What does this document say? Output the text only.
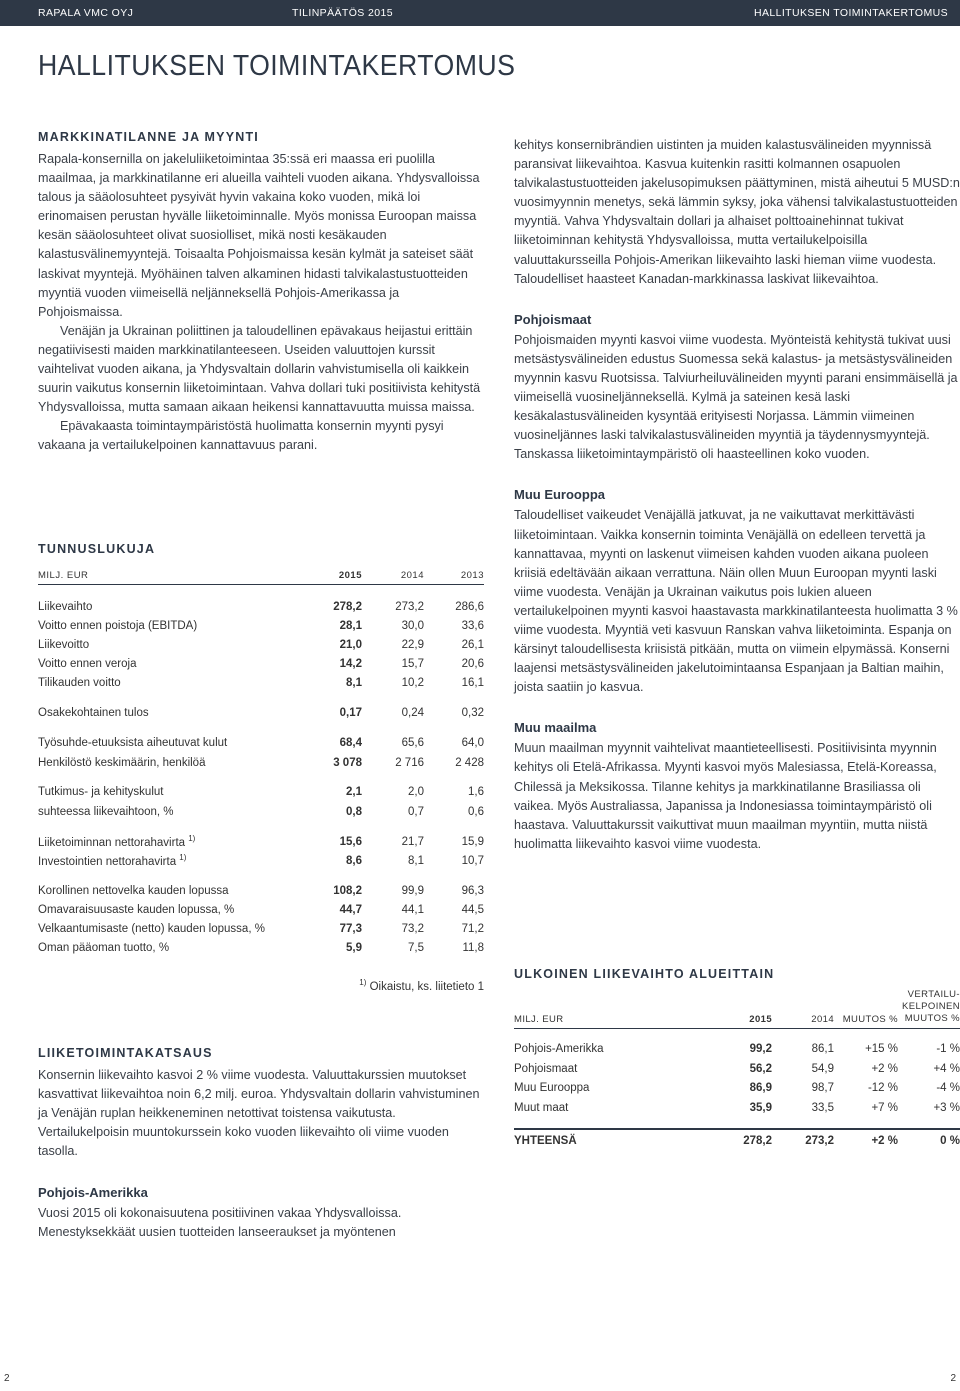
RAPALA VMC OYJ	TILINPÄÄTÖS 2015	HALLITUKSEN TOIMINTAKERTOMUS
HALLITUKSEN TOIMINTAKERTOMUS
MARKKINATILANNE JA MYYNTI

Rapala-konsernilla on jakeluliiketoimintaa 35:ssä eri maassa eri puolilla maailmaa, ja markkinatilanne eri alueilla vaihteli vuoden aikana. Yhdysvalloissa talous ja sääolosuhteet pysyivät hyvin vakaina koko vuoden, mikä loi erinomaisen perustan hyvälle liiketoiminnalle. Myös monissa Euroopan maissa kesän sääolosuhteet olivat suosiolliset, mikä nosti kesäkauden kalastusvälinemyyntejä. Toisaalta Pohjoismaissa kesän kylmät ja sateiset säät laskivat myyntejä. Myöhäinen talven alkaminen hidasti talvikalastustuotteiden myyntiä vuoden viimeisellä neljänneksellä Pohjois-Amerikassa ja Pohjoismaissa.

Venäjän ja Ukrainan poliittinen ja taloudellinen epävakaus heijastui erittäin negatiivisesti maiden markkinatilanteeseen. Useiden valuuttojen kurssit vaihtelivat vuoden aikana, ja Yhdysvaltain dollarin vahvistumisella oli kaikkein suurin vaikutus konsernin liiketoimintaan. Vahva dollari tuki positiivista kehitystä Yhdysvalloissa, mutta samaan aikaan heikensi kannattavuutta muissa maissa.

Epävakaasta toimintaympäristöstä huolimatta konsernin myynti pysyi vakaana ja vertailukelpoinen kannattavuus parani.

TUNNUSLUKUJA
MILJ. EUR	2015	2014	2013

Liikevaihto	278,2	273,2	286,6
Voitto ennen poistoja (EBITDA)	28,1	30,0	33,6
Liikevoitto	21,0	22,9	26,1
Voitto ennen veroja	14,2	15,7	20,6
Tilikauden voitto	8,1	10,2	16,1

Osakekohtainen tulos	0,17	0,24	0,32

Työsuhde-etuuksista aiheutuvat kulut	68,4	65,6	64,0
Henkilöstö keskimäärin, henkilöä	3 078	2 716	2 428

Tutkimus- ja kehityskulut	2,1	2,0	1,6
suhteessa liikevaihtoon, %	0,8	0,7	0,6

Liiketoiminnan nettorahavirta $^{1)}$	15,6	21,7	15,9
Investointien nettorahavirta $^{1)}$	8,6	8,1	10,7

Korollinen nettovelka kauden lopussa	108,2	99,9	96,3
Omavaraisuusaste kauden lopussa, %	44,7	44,1	44,5
Velkaantumisaste (netto) kauden lopussa, %	77,3	73,2	71,2
Oman pääoman tuotto, %	5,9	7,5	11,8
$^{1)}$ Oikaistu, ks. liitetieto 1
LIIKETOIMINTAKATSAUS

Konsernin liikevaihto kasvoi 2 % viime vuodesta. Valuuttakurssien muutokset kasvattivat liikevaihtoa noin 6,2 milj. euroa. Yhdysvaltain dollarin vahvistuminen ja Venäjän ruplan heikkeneminen netottivat toistensa vaikutusta. Vertailukelpoisin muuntokurssein koko vuoden liikevaihto oli viime vuoden tasolla.

Pohjois-Amerikka

Vuosi 2015 oli kokonaisuutena positiivinen vakaa Yhdysvalloissa. Menestyksekkäät uusien tuotteiden lanseeraukset ja myöntenen

kehitys konsernibrändien uistinten ja muiden kalastusvälineiden myynnissä paransivat liikevaihtoa. Kasvua kuitenkin rasitti kolmannen osapuolen talvikalastustuotteiden jakelusopimuksen päättyminen, mistä aiheutui 5 MUSD:n vuosimyynnin menetys, sekä lämmin syksy, joka vähensi talvikalastustuotteiden myyntiä. Vahva Yhdysvaltain dollari ja alhaiset polttoainehinnat tukivat liiketoiminnan kehitystä Yhdysvalloissa, mutta vertailukelpoisilla valuuttakursseilla Pohjois-Amerikan liikevaihto laski hieman viime vuodesta. Taloudelliset haasteet Kanadan-markkinassa laskivat liikevaihtoa.

Pohjoismaat

Pohjoismaiden myynti kasvoi viime vuodesta. Myönteistä kehitystä tukivat uusi metsästysvälineiden edustus Suomessa sekä kalastus- ja metsästysvälineiden myynnin kasvu Ruotsissa. Talviurheiluvälineiden myynti parani ensimmäisellä ja viimeisellä vuosineljänneksellä. Kylmä ja sateinen kesä laski kesäkalastusvälineiden kysyntää erityisesti Norjassa. Lämmin viimeinen vuosineljännes laski talvikalastusvälineiden myyntiä ja täydennysmyyntejä. Tanskassa liiketoimintaympäristö oli haasteellinen koko vuoden.

Muu Eurooppa

Taloudelliset vaikeudet Venäjällä jatkuvat, ja ne vaikuttavat merkittävästi liiketoimintaan. Vaikka konsernin toiminta Venäjällä on edelleen tervettä ja kannattavaa, myynti on laskenut viimeisen kahden vuoden aikana puoleen kriisiä edeltävään aikaan verrattuna. Näin ollen Muun Euroopan myynti laski viime vuodesta. Venäjän ja Ukrainan vaikutus pois lukien alueen vertailukelpoinen myynti kasvoi haastavasta markkinatilanteesta huolimatta 3 % viime vuodesta. Myyntiä veti kasvuun Ranskan vahva liiketoiminta. Espanja on kärsinyt taloudellisesta kriisistä pitkään, mutta on viimein elpymässä. Konserni laajensi metsästysvälineiden jakelutoimintaansa Espanjaan ja Baltian maihin, joista saatiin jo kasvua.

Muu maailma

Muun maailman myynnit vaihtelivat maantieteellisesti. Positiivisinta myynnin kehitys oli Etelä-Afrikassa. Myynti kasvoi myös Malesiassa, Etelä-Koreassa, Chilessä ja Meksikossa. Tilanne kehitys ja markkinatilanne Brasiliassa oli vaikea. Myös Australiassa, Japanissa ja Indonesiassa toimintaympäristö oli haastava. Valuuttakurssit vaikuttivat muun maailman myyntiin, mutta niistä huolimatta liikevaihto kasvoi viime vuodesta.

ULKOINEN LIIKEVAIHTO ALUEITTAIN
MILJ. EUR	2015	2014	MUUTOS %	VERTAILU-
KELPOINEN
MUUTOS %

Pohjois-Amerikka	99,2	86,1	+15 %	-1 %
Pohjoismaat	56,2	54,9	+2 %	+4 %
Muu Eurooppa	86,9	98,7	-12 %	-4 %
Muut maat	35,9	33,5	+7 %	+3 %

YHTEENSÄ	278,2	273,2	+2 %	0 %
2	2
